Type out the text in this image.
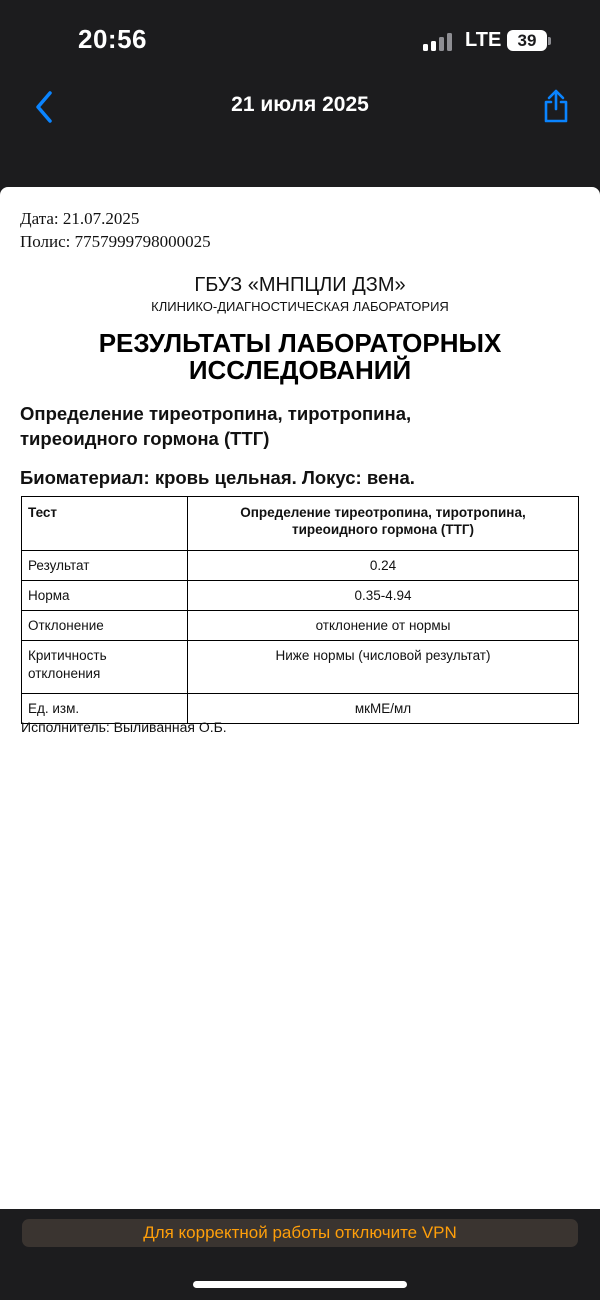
20:56	LTE 39
21 июля 2025
Дата: 21.07.2025
Полис: 7757999798000025
ГБУЗ «МНПЦЛИ ДЗМ»
КЛИНИКО-ДИАГНОСТИЧЕСКАЯ ЛАБОРАТОРИЯ
РЕЗУЛЬТАТЫ ЛАБОРАТОРНЫХ
ИССЛЕДОВАНИЙ
Определение тиреотропина, тиротропина,
тиреоидного гормона (ТТГ)
Биоматериал: кровь цельная. Локус: вена.
Тест	Определение тиреотропина, тиротропина,
тиреоидного гормона (ТТГ)

Результат	0.24
Норма	0.35-4.94
Отклонение	отклонение от нормы

Критичность
отклонения	Ниже нормы (числовой результат)
Ед. изм.	мкМЕ/мл
Исполнитель: Выливанная О.Б.
Для корректной работы отключите VPN
